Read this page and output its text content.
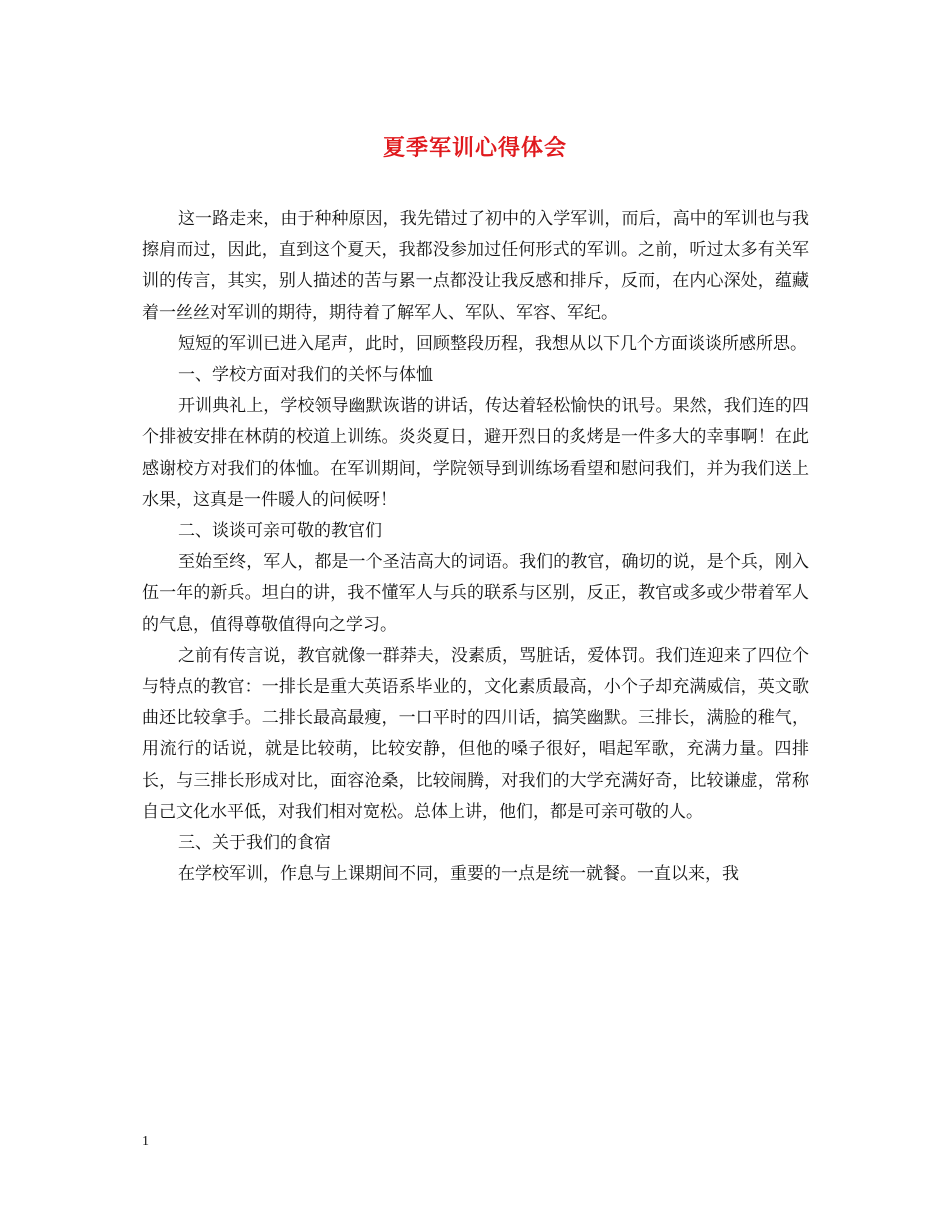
夏季军训心得体会

这一路走来，由于种种原因，我先错过了初中的入学军训，而后，高中的军训也与我擦肩而过，因此，直到这个夏天，我都没参加过任何形式的军训。之前，听过太多有关军训的传言，其实，别人描述的苦与累一点都没让我反感和排斥，反而，在内心深处，蕴藏着一丝丝对军训的期待，期待着了解军人、军队、军容、军纪。

短短的军训已进入尾声，此时，回顾整段历程，我想从以下几个方面谈谈所感所思。

一、学校方面对我们的关怀与体恤

开训典礼上，学校领导幽默诙谐的讲话，传达着轻松愉快的讯号。果然，我们连的四个排被安排在林荫的校道上训练。炎炎夏日，避开烈日的炙烤是一件多大的幸事啊！在此感谢校方对我们的体恤。在军训期间，学院领导到训练场看望和慰问我们，并为我们送上水果，这真是一件暖人的问候呀！

二、谈谈可亲可敬的教官们

至始至终，军人，都是一个圣洁高大的词语。我们的教官，确切的说，是个兵，刚入伍一年的新兵。坦白的讲，我不懂军人与兵的联系与区别，反正，教官或多或少带着军人的气息，值得尊敬值得向之学习。

之前有传言说，教官就像一群莽夫，没素质，骂脏话，爱体罚。我们连迎来了四位个与特点的教官：一排长是重大英语系毕业的，文化素质最高，小个子却充满威信，英文歌曲还比较拿手。二排长最高最瘦，一口平时的四川话，搞笑幽默。三排长，满脸的稚气，用流行的话说，就是比较萌，比较安静，但他的嗓子很好，唱起军歌，充满力量。四排长，与三排长形成对比，面容沧桑，比较闹腾，对我们的大学充满好奇，比较谦虚，常称自己文化水平低，对我们相对宽松。总体上讲，他们，都是可亲可敬的人。

三、关于我们的食宿

在学校军训，作息与上课期间不同，重要的一点是统一就餐。一直以来，我

1
